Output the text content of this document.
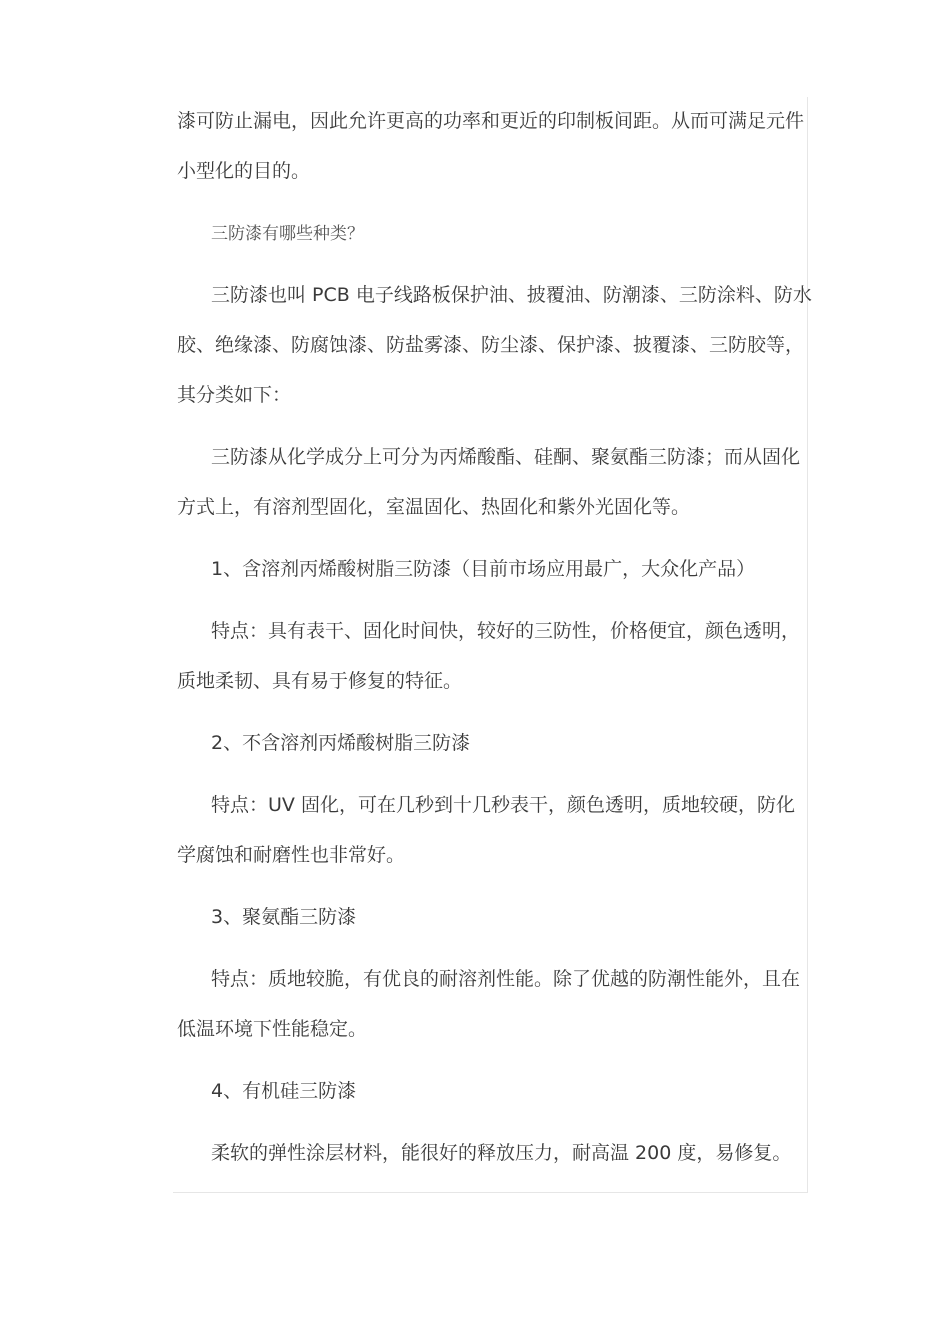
漆可防止漏电，因此允许更高的功率和更近的印制板间距。从而可满足元件
小型化的目的。
三防漆有哪些种类？
三防漆也叫 PCB 电子线路板保护油、披覆油、防潮漆、三防涂料、防水
胶、绝缘漆、防腐蚀漆、防盐雾漆、防尘漆、保护漆、披覆漆、三防胶等，
其分类如下：
三防漆从化学成分上可分为丙烯酸酯、硅酮、聚氨酯三防漆；而从固化
方式上，有溶剂型固化，室温固化、热固化和紫外光固化等。
1、含溶剂丙烯酸树脂三防漆（目前市场应用最广，大众化产品）
特点：具有表干、固化时间快，较好的三防性，价格便宜，颜色透明，
质地柔韧、具有易于修复的特征。
2、不含溶剂丙烯酸树脂三防漆
特点：UV 固化，可在几秒到十几秒表干，颜色透明，质地较硬，防化
学腐蚀和耐磨性也非常好。
3、聚氨酯三防漆
特点：质地较脆，有优良的耐溶剂性能。除了优越的防潮性能外，且在
低温环境下性能稳定。
4、有机硅三防漆
柔软的弹性涂层材料，能很好的释放压力，耐高温 200 度，易修复。
